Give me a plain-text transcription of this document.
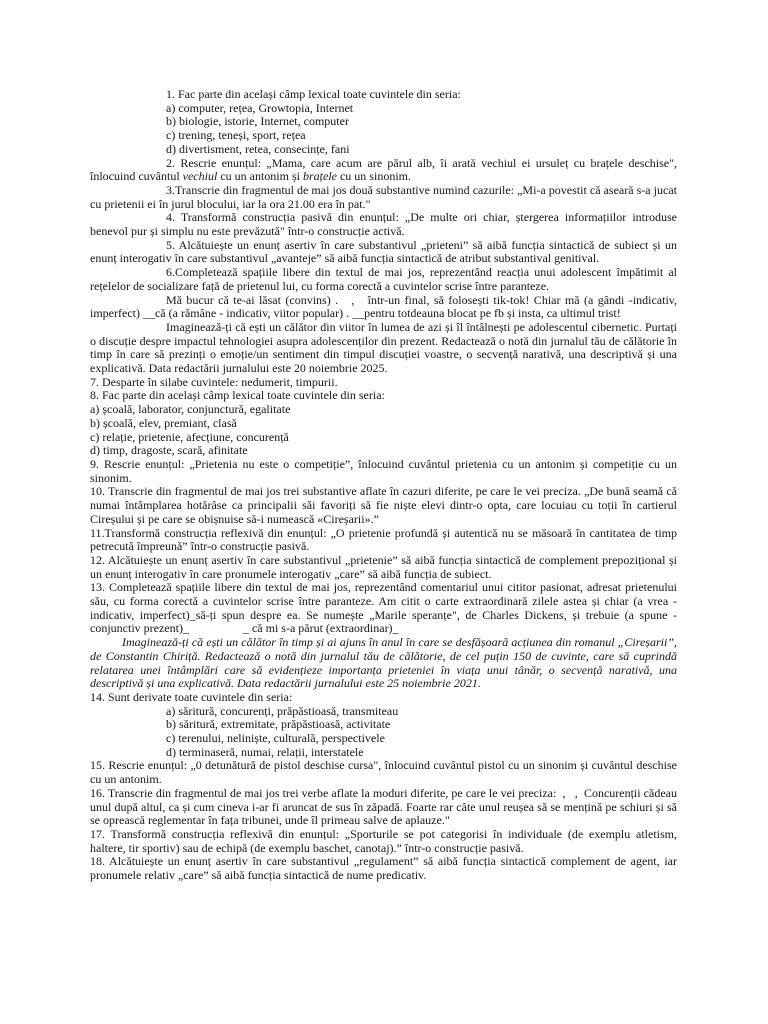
1. Fac parte din același câmp lexical toate cuvintele din seria:

a) computer, rețea, Growtopia, Internet

b) biologie, istorie, Internet, computer

c) trening, teneși, sport, rețea

d) divertisment, retea, consecințe, fani

2. Rescrie enunțul: „Mama, care acum are părul alb, îi arată vechiul ei ursuleț cu brațele deschise", înlocuind cuvântul vechiul cu un antonim și brațele cu un sinonim.

3.Transcrie din fragmentul de mai jos două substantive numind cazurile: „Mi-a povestit că aseară s-a jucat cu prietenii ei în jurul blocului, iar la ora 21.00 era în pat."

4. Transformă construcția pasivă din enunțul: „De multe ori chiar, ștergerea informațiilor introduse benevol pur și simplu nu este prevăzută" într-o construcție activă.

5. Alcătuiește un enunț asertiv în care substantivul „prieteni” să aibă funcția sintactică de subiect și un enunț interogativ în care substantivul „avanteje” să aibă funcția sintactică de atribut substantival genitival.

6.Completează spațiile libere din textul de mai jos, reprezentând reacția unui adolescent împătimit al rețelelor de socializare față de prietenul lui, cu forma corectă a cuvintelor scrise între paranteze.

Mă bucur că te-ai lăsat (convins) .   ,   într-un final, să folosești tik-tok! Chiar mă (a gândi -indicativ, imperfect) __că (a rămâne - indicativ, viitor popular) . __pentru totdeauna blocat pe fb și insta, ca ultimul trist!

Imaginează-ți că ești un călător din viitor în lumea de azi și îl întâlnești pe adolescentul cibernetic. Purtați o discuție despre impactul tehnologiei asupra adolescenților din prezent. Redactează o notă din jurnalul tău de călătorie în timp în care să prezinți o emoție/un sentiment din timpul discuției voastre, o secvență narativă, una descriptivă și una explicativă. Data redactării jurnalului este 20 noiembrie 2025.

7. Desparte în silabe cuvintele: nedumerit, timpurii.

8. Fac parte din același câmp lexical toate cuvintele din seria:

a) școală, laborator, conjunctură, egalitate

b) școală, elev, premiant, clasă

c) relație, prietenie, afecțiune, concurență

d) timp, dragoste, scară, afinitate

9. Rescrie enunțul: „Prietenia nu este o competiție”, înlocuind cuvântul prietenia cu un antonim și competiție cu un sinonim.

10. Transcrie din fragmentul de mai jos trei substantive aflate în cazuri diferite, pe care le vei preciza. „De bună seamă că numai întâmplarea hotărâse ca principalii săi favoriți să fie niște elevi dintr-o opta, care locuiau cu toții în cartierul Cireșului și pe care se obișnuise să-i numească «Cireșarii».”

11.Transformă construcția reflexivă din enunțul: „O prietenie profundă și autentică nu se măsoară în cantitatea de timp petrecută împreună” într-o construcție pasivă.

12. Alcătuiește un enunț asertiv în care substantivul „prietenie” să aibă funcția sintactică de complement prepozițional și un enunț interogativ în care pronumele interogativ „care” să aibă funcția de subiect.

13. Completează spațiile libere din textul de mai jos, reprezentând comentariul unui cititor pasionat, adresat prietenului său, cu forma corectă a cuvintelor scrise între paranteze. Am citit o carte extraordinară zilele astea și chiar (a vrea - indicativ, imperfect)_să-ți spun despre ea. Se numește „Marile speranțe", de Charles Dickens, și trebuie (a spune - conjunctiv prezent)_                  _ că mi s-a părut (extraordinar)_

Imaginează-ți că ești un călător în timp și ai ajuns în anul în care se desfășoară acțiunea din romanul „Cireșarii”, de Constantin Chiriță. Redactează o notă din jurnalul tău de călătorie, de cel puțin 150 de cuvinte, care să cuprindă relatarea unei întâmplări care să evidențieze importanța prieteniei în viața unui tânăr, o secvență narativă, una descriptivă și una explicativă. Data redactării jurnalului este 25 noiembrie 2021.

14. Sunt derivate toate cuvintele din seria:

a) săritură, concurenți, prăpăstioasă, transmiteau

b) săritură, extremitate, prăpăstioasă, activitate

c) terenului, neliniște, culturală, perspectivele

d) terminaseră, numai, relații, interstatele

15. Rescrie enunțul: „0 detunătură de pistol deschise cursa", înlocuind cuvântul pistol cu un sinonim și cuvântul deschise cu un antonim.

16. Transcrie din fragmentul de mai jos trei verbe aflate la moduri diferite, pe care le vei preciza:  ,   ,  Concurenții cădeau unul după altul, ca și cum cineva i-ar fi aruncat de sus în zăpadă. Foarte rar câte unul reușea să se mențină pe schiuri și să se oprească reglementar în fața tribunei, unde îl primeau salve de aplauze."

17. Transformă construcția reflexivă din enunțul: „Sporturile se pot categorisi în individuale (de exemplu atletism, haltere, tir sportiv) sau de echipă (de exemplu baschet, canotaj).” într-o construcție pasivă.

18. Alcătuiește un enunț asertiv în care substantivul „regulament” să aibă funcția sintactică complement de agent, iar pronumele relativ „care” să aibă funcția sintactică de nume predicativ.
